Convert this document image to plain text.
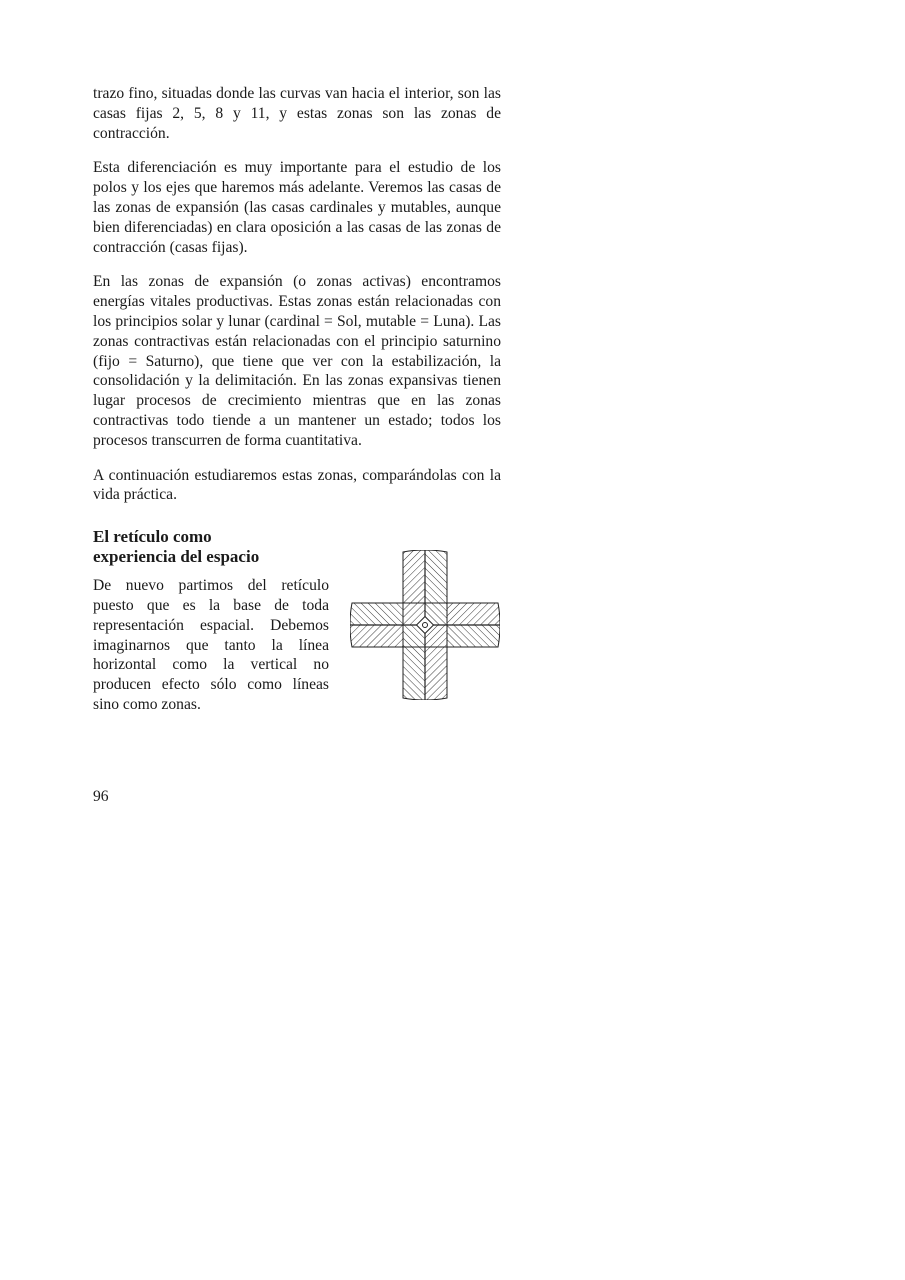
trazo fino, situadas donde las curvas van hacia el interior, son las casas fijas 2, 5, 8 y 11, y estas zonas son las zonas de contracción.

Esta diferenciación es muy importante para el estudio de los polos y los ejes que haremos más adelante. Veremos las casas de las zonas de expansión (las casas cardinales y mutables, aunque bien diferenciadas) en clara oposición a las casas de las zonas de contracción (casas fijas).

En las zonas de expansión (o zonas activas) encontramos energías vitales productivas. Estas zonas están relacionadas con los principios solar y lunar (cardinal = Sol, mutable = Luna). Las zonas contractivas están relacionadas con el principio saturnino (fijo = Saturno), que tiene que ver con la estabilización, la consolidación y la delimitación. En las zonas expansivas tienen lugar procesos de crecimiento mientras que en las zonas contractivas todo tiende a un mantener un estado; todos los procesos transcurren de forma cuantitativa.

A continuación estudiaremos estas zonas, comparándolas con la vida práctica.

El retículo como
experiencia del espacio

De nuevo partimos del retículo puesto que es la base de toda representación espacial. Debemos imaginarnos que tanto la línea horizontal como la vertical no producen efecto sólo como líneas sino como zonas.

96
